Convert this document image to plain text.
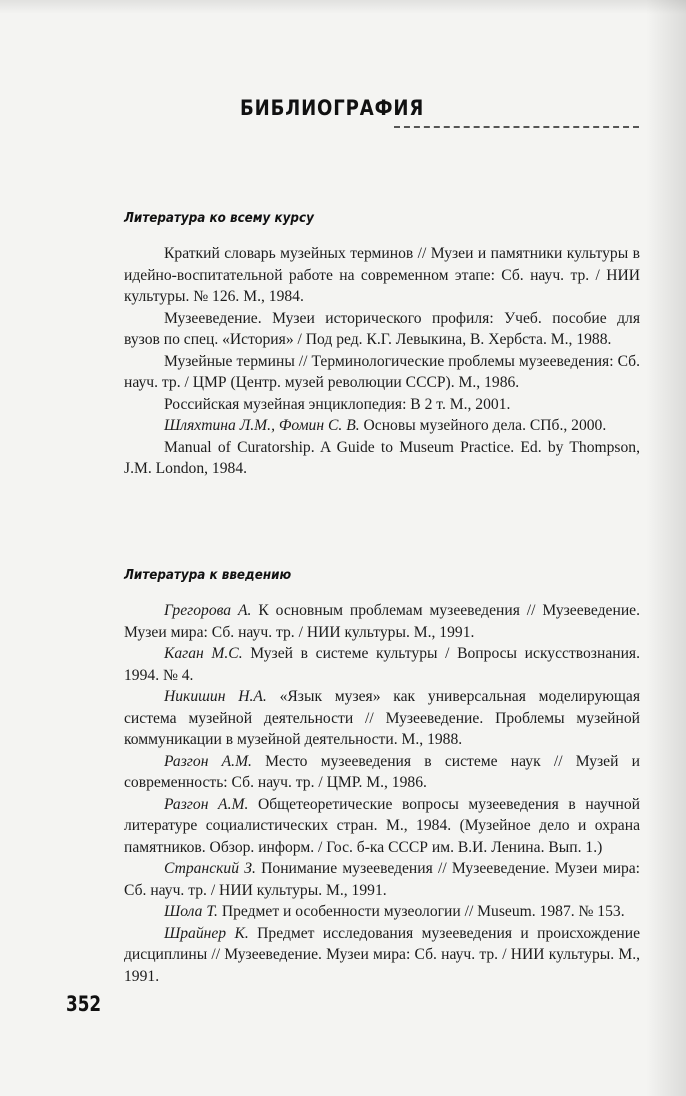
БИБЛИОГРАФИЯ
Литература ко всему курсу

Краткий словарь музейных терминов // Музеи и памятники культуры в идейно-воспитательной работе на современном этапе: Сб. науч. тр. / НИИ культуры. № 126. М., 1984.

Музееведение. Музеи исторического профиля: Учеб. пособие для вузов по спец. «История» / Под ред. К.Г. Левыкина, В. Хербста. М., 1988.

Музейные термины // Терминологические проблемы музееведения: Сб. науч. тр. / ЦМР (Центр. музей революции СССР). М., 1986.

Российская музейная энциклопедия: В 2 т. М., 2001.

Шляхтина Л.М., Фомин С. В. Основы музейного дела. СПб., 2000.

Manual of Curatorship. A Guide to Museum Practice. Ed. by Thompson, J.M. London, 1984.

Литература к введению

Грегорова А. К основным проблемам музееведения // Музееведение. Музеи мира: Сб. науч. тр. / НИИ культуры. М., 1991.

Каган М.С. Музей в системе культуры / Вопросы искусствознания. 1994. № 4.

Никишин Н.А. «Язык музея» как универсальная моделирующая система музейной деятельности // Музееведение. Проблемы музейной коммуникации в музейной деятельности. М., 1988.

Разгон А.М. Место музееведения в системе наук // Музей и современность: Сб. науч. тр. / ЦМР. М., 1986.

Разгон А.М. Общетеоретические вопросы музееведения в научной литературе социалистических стран. М., 1984. (Музейное дело и охрана памятников. Обзор. информ. / Гос. б-ка СССР им. В.И. Ленина. Вып. 1.)

Странский З. Понимание музееведения // Музееведение. Музеи мира: Сб. науч. тр. / НИИ культуры. М., 1991.

Шола Т. Предмет и особенности музеологии // Museum. 1987. № 153.

Шрайнер К. Предмет исследования музееведения и происхождение дисциплины // Музееведение. Музеи мира: Сб. науч. тр. / НИИ культуры. М., 1991.

352
